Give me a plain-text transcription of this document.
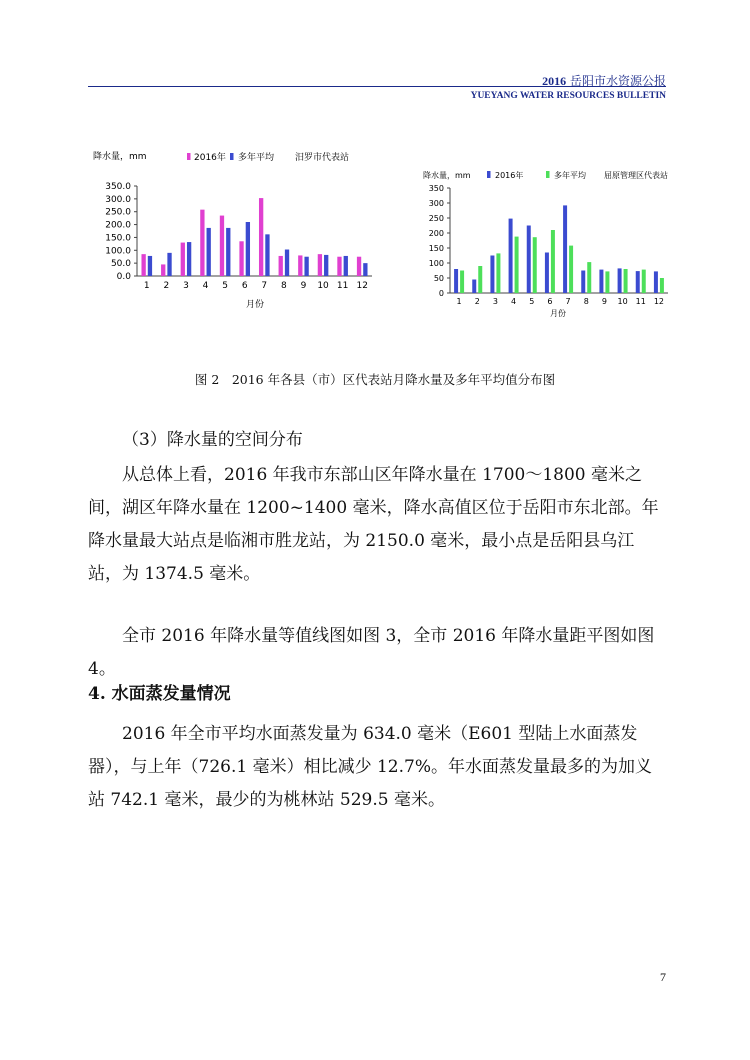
2016 岳阳市水资源公报
YUEYANG WATER RESOURCES BULLETIN
降水量，mm	2016年 多年平均 汨罗市代表站
0.0
50.0
100.0
150.0
200.0
250.0
300.0
350.0
1 2 3 4 5 6 7 8 9 10 11 12
月份
降水量，mm	2016年	多年平均 屈原管理区代表站
0
50
100
150
200
250
300
350
1 2 3 4 5 6 7 8 9 10 11 12
月份
图 2　2016 年各县（市）区代表站月降水量及多年平均值分布图
（3）降水量的空间分布
从总体上看，2016 年我市东部山区年降水量在 1700～1800 毫米之间，湖区年降水量在 1200~1400 毫米，降水高值区位于岳阳市东北部。年降水量最大站点是临湘市胜龙站，为 2150.0 毫米，最小点是岳阳县乌江站，为 1374.5 毫米。
全市 2016 年降水量等值线图如图 3，全市 2016 年降水量距平图如图 4。
4. 水面蒸发量情况
2016 年全市平均水面蒸发量为 634.0 毫米（E601 型陆上水面蒸发器），与上年（726.1 毫米）相比减少 12.7%。年水面蒸发量最多的为加义站 742.1 毫米，最少的为桃林站 529.5 毫米。
7
